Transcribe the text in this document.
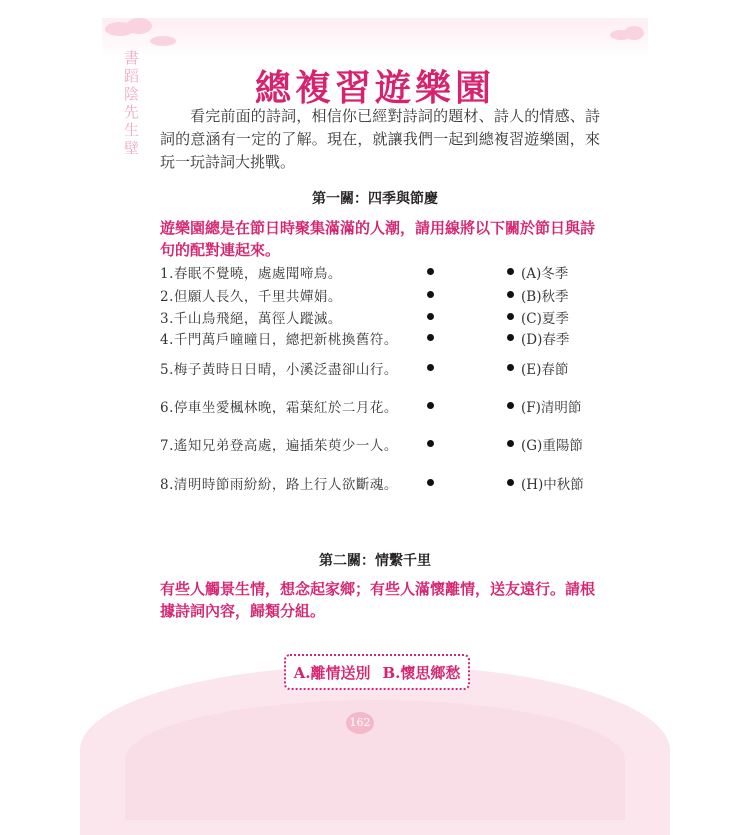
書蹈陰先生壁	總複習遊樂園
看完前面的詩詞，相信你已經對詩詞的題材、詩人的情感、詩詞的意涵有一定的了解。現在，就讓我們一起到總複習遊樂園，來玩一玩詩詞大挑戰。
第一關：四季與節慶
遊樂園總是在節日時聚集滿滿的人潮，請用線將以下關於節日與詩句的配對連起來。
1.春眠不覺曉，處處聞啼鳥。	(A)冬季
2.但願人長久，千里共嬋娟。	(B)秋季
3.千山鳥飛絕，萬徑人蹤滅。	(C)夏季
4.千門萬戶曈曈日，總把新桃換舊符。	(D)春季
5.梅子黃時日日晴，小溪泛盡卻山行。	(E)春節
6.停車坐愛楓林晚，霜葉紅於二月花。	(F)清明節
7.遙知兄弟登高處，遍插茱萸少一人。	(G)重陽節
8.清明時節雨紛紛，路上行人欲斷魂。	(H)中秋節
第二關：情繫千里
有些人觸景生情，想念起家鄉；有些人滿懷離情，送友遠行。請根據詩詞內容，歸類分組。
A.離情送別 B.懷思鄉愁
162
